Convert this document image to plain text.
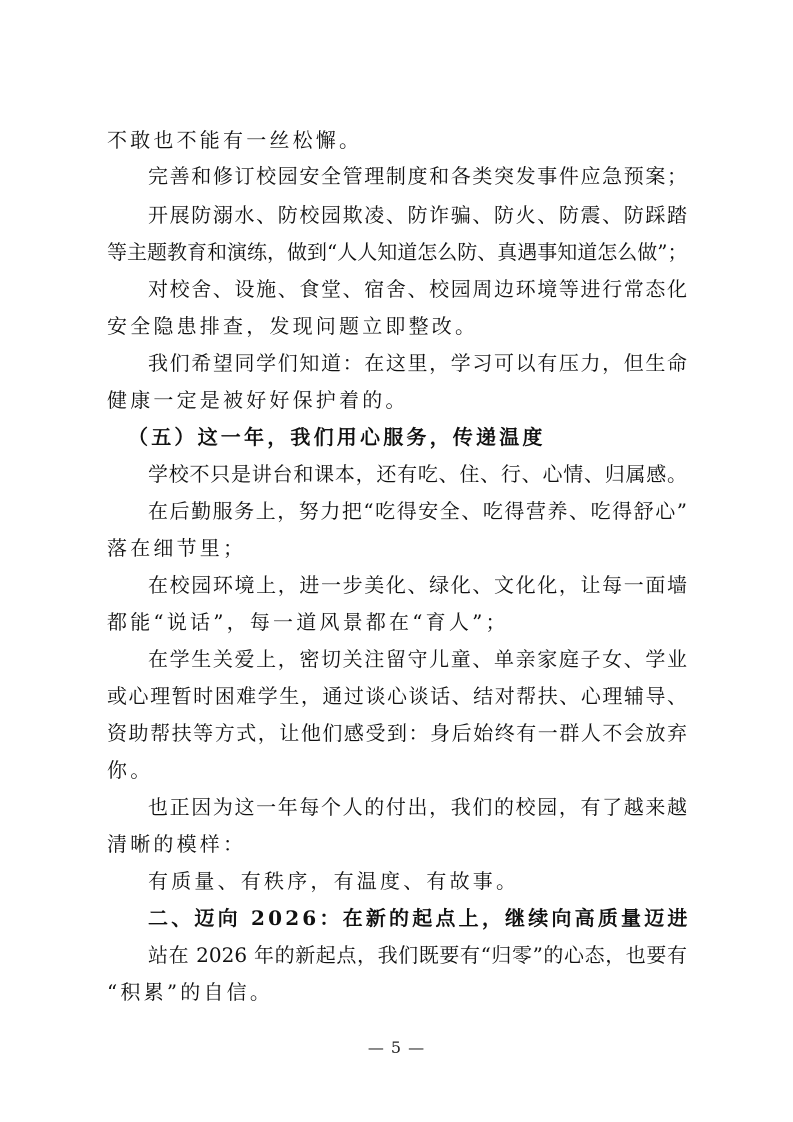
不敢也不能有一丝松懈。
完善和修订校园安全管理制度和各类突发事件应急预案；
开展防溺水、防校园欺凌、防诈骗、防火、防震、防踩踏
等主题教育和演练，做到“人人知道怎么防、真遇事知道怎么做”；
对校舍、设施、食堂、宿舍、校园周边环境等进行常态化
安全隐患排查，发现问题立即整改。
我们希望同学们知道：在这里，学习可以有压力，但生命
健康一定是被好好保护着的。
（五）这一年，我们用心服务，传递温度
学校不只是讲台和课本，还有吃、住、行、心情、归属感。
在后勤服务上，努力把“吃得安全、吃得营养、吃得舒心”
落在细节里；
在校园环境上，进一步美化、绿化、文化化，让每一面墙
都能“说话”，每一道风景都在“育人”；
在学生关爱上，密切关注留守儿童、单亲家庭子女、学业
或心理暂时困难学生，通过谈心谈话、结对帮扶、心理辅导、
资助帮扶等方式，让他们感受到：身后始终有一群人不会放弃
你。
也正因为这一年每个人的付出，我们的校园，有了越来越
清晰的模样：
有质量、有秩序，有温度、有故事。
二、迈向 2026：在新的起点上，继续向高质量迈进
站在 2026 年的新起点，我们既要有“归零”的心态，也要有
“积累”的自信。
— 5 —
